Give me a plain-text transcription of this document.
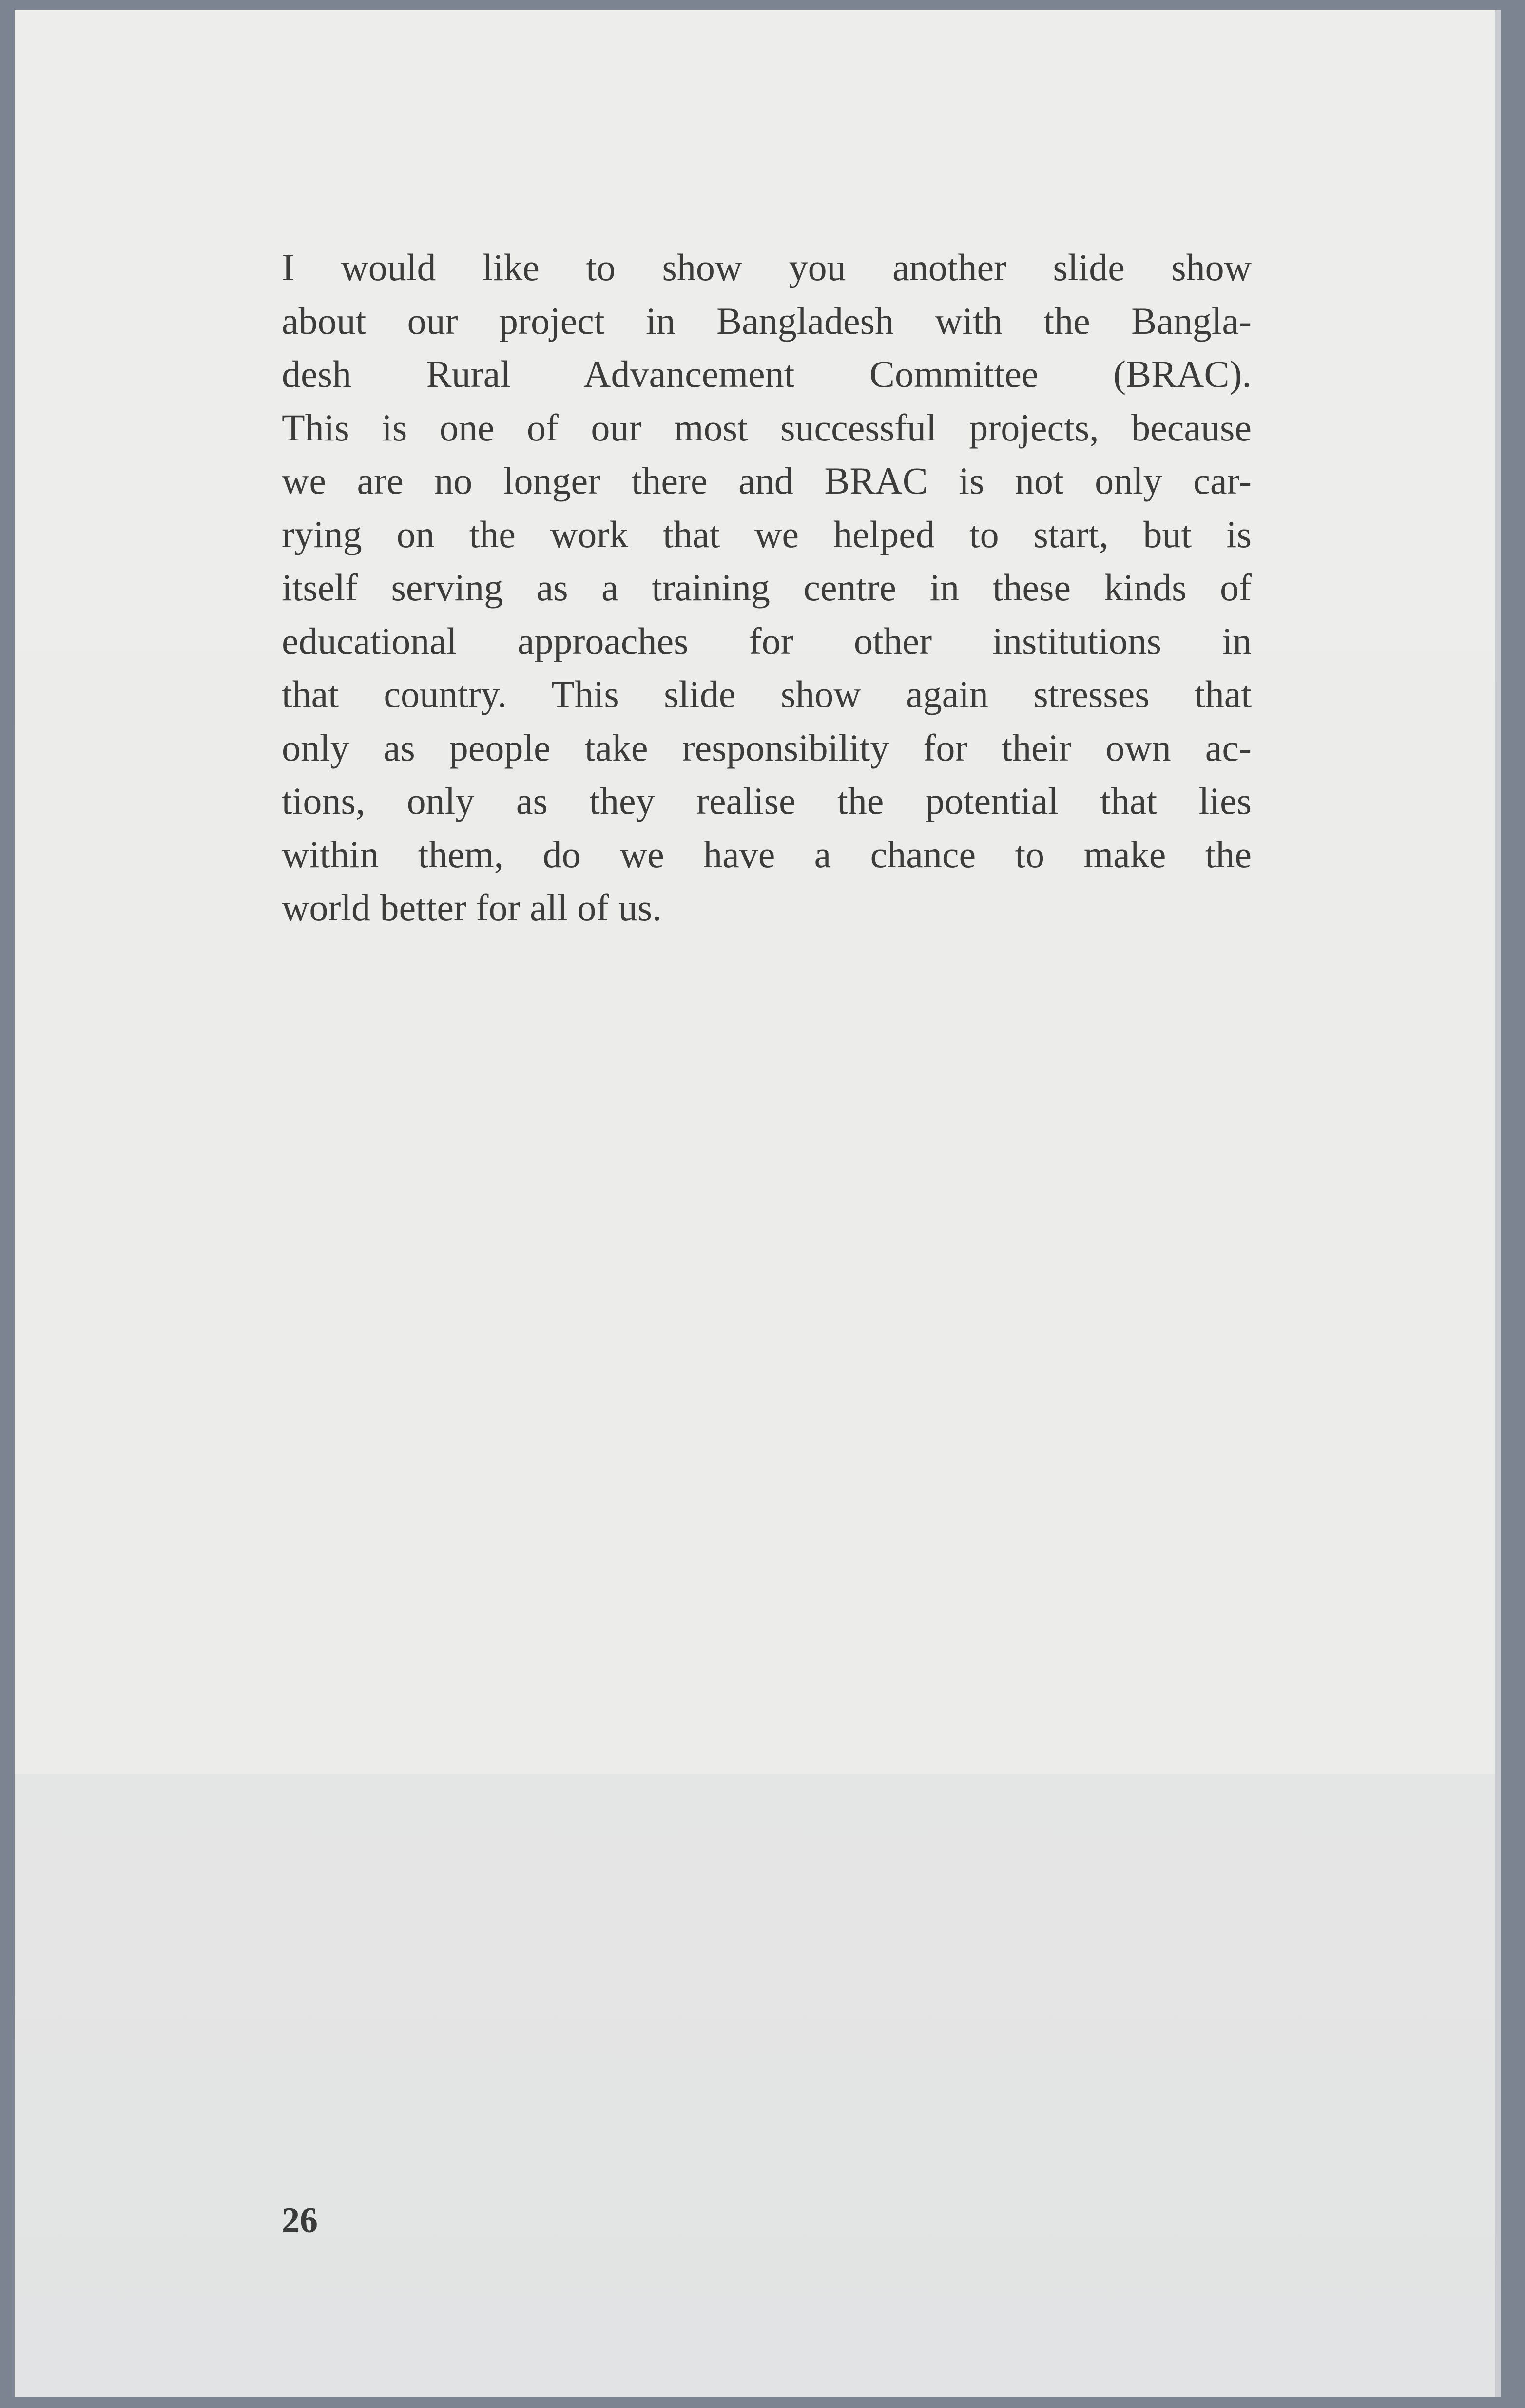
I would like to show you another slide show
about our project in Bangladesh with the Bangla-
desh Rural Advancement Committee (BRAC).
This is one of our most successful projects, because
we are no longer there and BRAC is not only car-
rying on the work that we helped to start, but is
itself serving as a training centre in these kinds of
educational approaches for other institutions in
that country. This slide show again stresses that
only as people take responsibility for their own ac-
tions, only as they realise the potential that lies
within them, do we have a chance to make the
world better for all of us.

26
